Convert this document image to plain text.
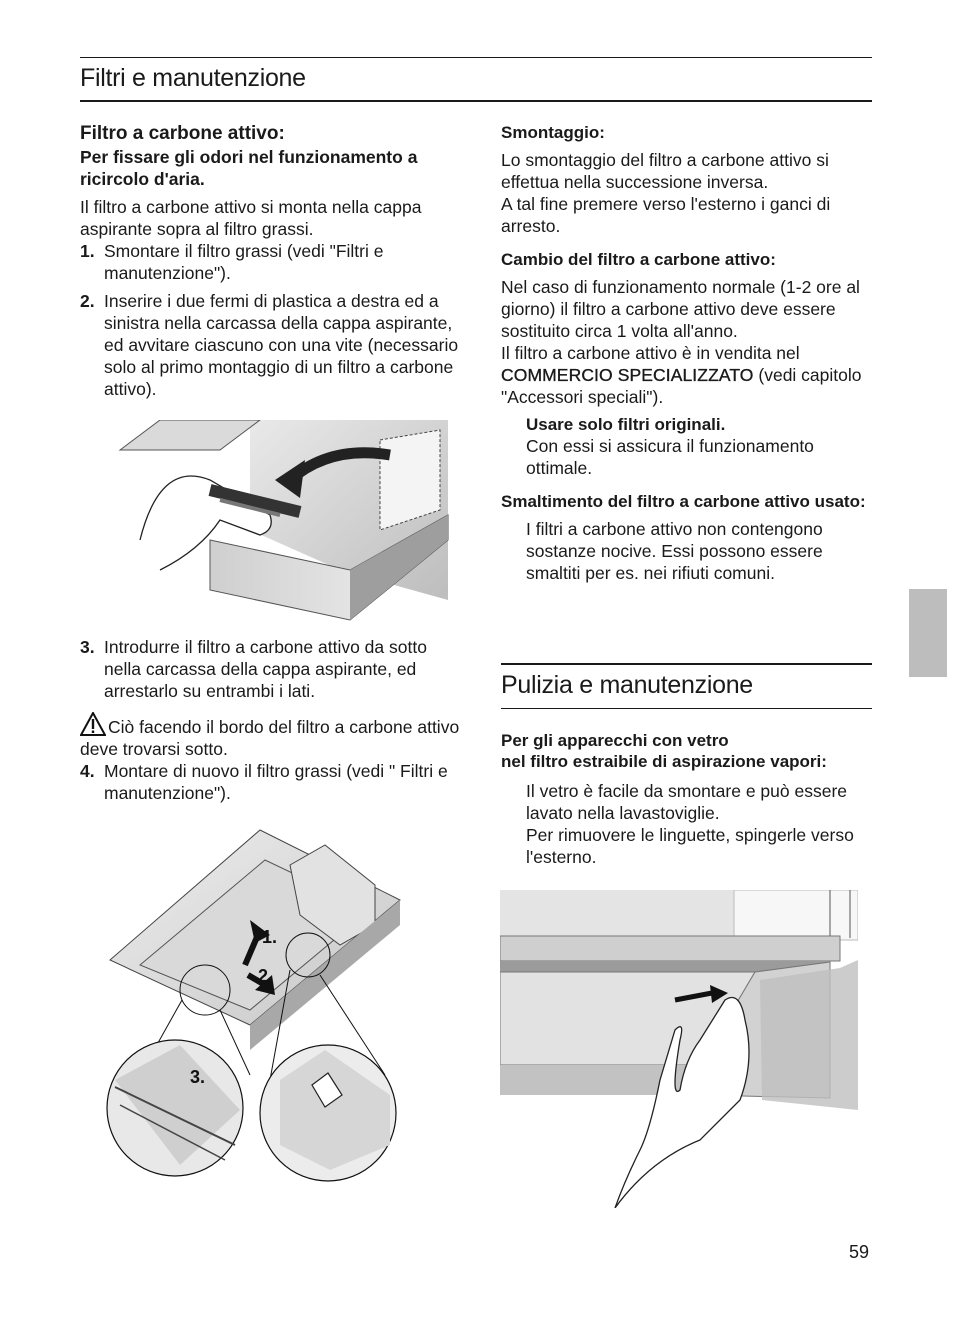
Filtri e manutenzione

Filtro a carbone attivo:

Per fissare gli odori nel funzionamento a ricircolo d'aria.

Il filtro a carbone attivo si monta nella cappa aspirante sopra al filtro grassi.

1. Smontare il filtro grassi (vedi "Filtri e manutenzione").
2. Inserire i due fermi di plastica a destra ed a sinistra nella carcassa della cappa aspirante, ed avvitare ciascuno con una vite (necessario solo al primo montaggio di un filtro a carbone attivo).
3. Introdurre il filtro a carbone attivo da sotto nella carcassa della cappa aspirante, ed arrestarlo su entrambi i lati.

Ciò facendo il bordo del filtro a carbone attivo deve trovarsi sotto.

4. Montare di nuovo il filtro grassi (vedi " Filtri e manutenzione").
1.
2.
3.

Smontaggio:

Lo smontaggio del filtro a carbone attivo si effettua nella successione inversa.

A tal fine premere verso l'esterno i ganci di arresto.

Cambio del filtro a carbone attivo:

Nel caso di funzionamento normale (1-2 ore al giorno) il filtro a carbone attivo deve essere sostituito circa 1 volta all'anno.

Il filtro a carbone attivo è in vendita nel COMMERCIO SPECIALIZZATO (vedi capitolo "Accessori speciali").

Usare solo filtri originali.

Con essi si assicura il funzionamento ottimale.

Smaltimento del filtro a carbone attivo usato:

I filtri a carbone attivo non contengono sostanze nocive. Essi possono essere smaltiti per es. nei rifiuti comuni.

Pulizia e manutenzione

Per gli apparecchi con vetro

nel filtro estraibile di aspirazione vapori:

Il vetro è facile da smontare e può essere lavato nella lavastoviglie.

Per rimuovere le linguette, spingerle verso l'esterno.

59
